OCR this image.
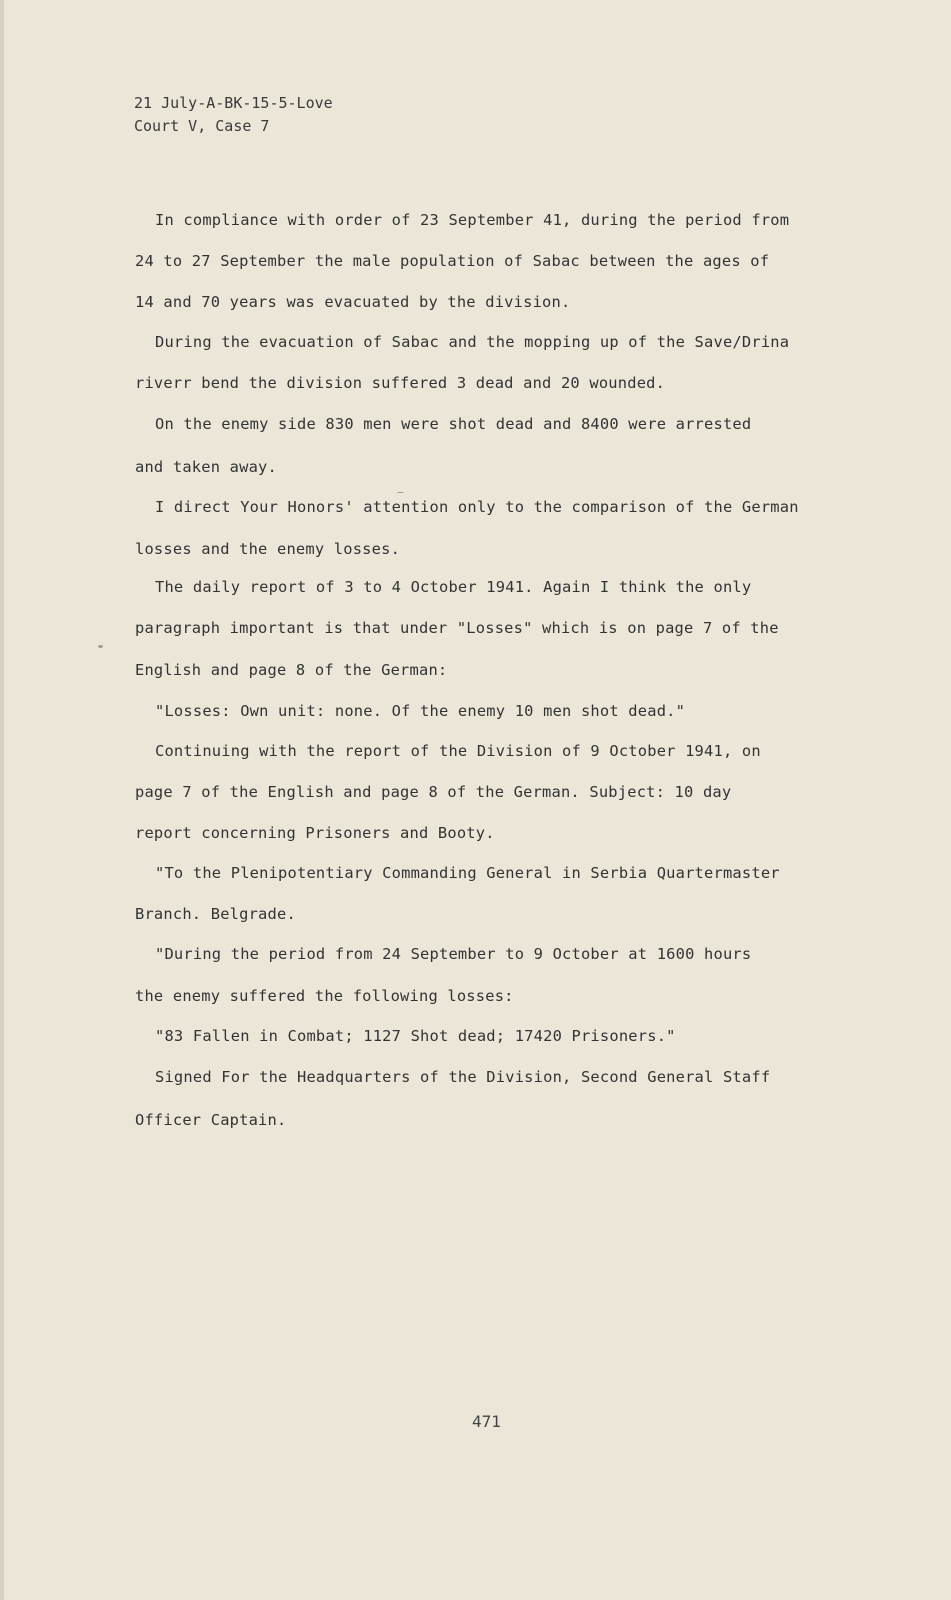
21 July-A-BK-15-5-Love
Court V, Case 7
In compliance with order of 23 September 41, during the period from
24 to 27 September the male population of Sabac between the ages of
14 and 70 years was evacuated by the division.
During the evacuation of Sabac and the mopping up of the Save/Drina
riverr bend the division suffered 3 dead and 20 wounded.
On the enemy side 830 men were shot dead and 8400 were arrested
and taken away.
I direct Your Honors' attention only to the comparison of the German
losses and the enemy losses.
The daily report of 3 to 4 October 1941. Again I think the only
paragraph important is that under "Losses" which is on page 7 of the
English and page 8 of the German:
"Losses: Own unit: none. Of the enemy 10 men shot dead."
Continuing with the report of the Division of 9 October 1941, on
page 7 of the English and page 8 of the German. Subject: 10 day
report concerning Prisoners and Booty.
"To the Plenipotentiary Commanding General in Serbia Quartermaster
Branch. Belgrade.
"During the period from 24 September to 9 October at 1600 hours
the enemy suffered the following losses:
"83 Fallen in Combat; 1127 Shot dead; 17420 Prisoners."
Signed For the Headquarters of the Division, Second General Staff
Officer Captain.
471
